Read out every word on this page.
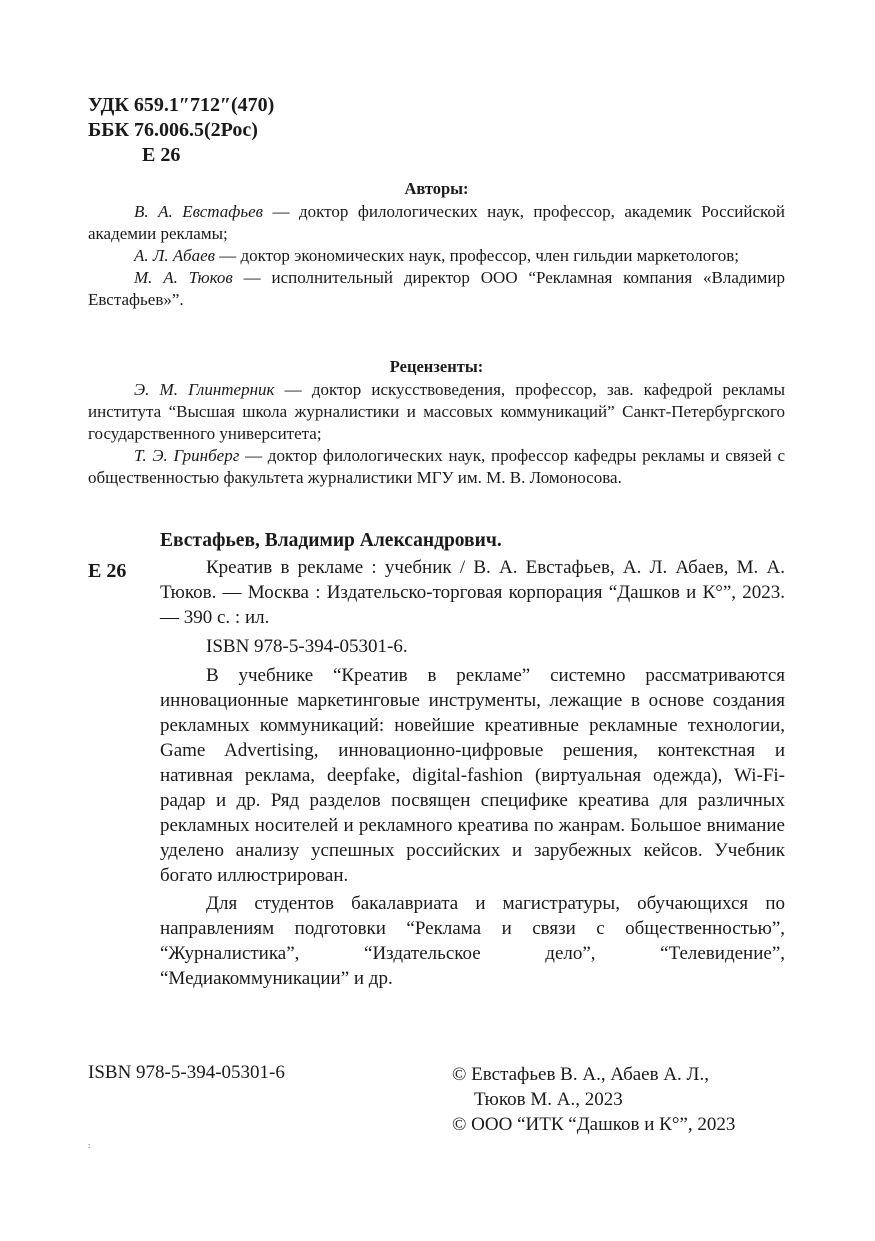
УДК 659.1″712″(470)
ББК 76.006.5(2Рос)
Е 26
Авторы:

В. А. Евстафьев — доктор филологических наук, профессор, академик Российской академии рекламы;

А. Л. Абаев — доктор экономических наук, профессор, член гильдии маркетологов;

М. А. Тюков — исполнительный директор ООО “Рекламная компания «Владимир Евстафьев»”.

Рецензенты:

Э. М. Глинтерник — доктор искусствоведения, профессор, зав. кафедрой рекламы института “Высшая школа журналистики и массовых коммуникаций” Санкт-Петербургского государственного университета;

Т. Э. Гринберг — доктор филологических наук, профессор кафедры рекламы и связей с общественностью факультета журналистики МГУ им. М. В. Ломоносова.

Е 26
Евстафьев, Владимир Александрович.

Креатив в рекламе : учебник / В. А. Евстафьев, А. Л. Абаев, М. А. Тюков. — Москва : Издательско-торговая корпорация “Дашков и К°”, 2023. — 390 с. : ил.

ISBN 978-5-394-05301-6.

В учебнике “Креатив в рекламе” системно рассматриваются инновационные маркетинговые инструменты, лежащие в основе создания рекламных коммуникаций: новейшие креативные рекламные технологии, Game Advertising, инновационно-цифровые решения, контекстная и нативная реклама, deepfake, digital-fashion (виртуальная одежда), Wi-Fi-радар и др. Ряд разделов посвящен специфике креатива для различных рекламных носителей и рекламного креатива по жанрам. Большое внимание уделено анализу успешных российских и зарубежных кейсов. Учебник богато иллюстрирован.

Для студентов бакалавриата и магистратуры, обучающихся по направлениям подготовки “Реклама и связи с общественностью”, “Журналистика”, “Издательское дело”, “Телевидение”, “Медиакоммуникации” и др.

ISBN 978-5-394-05301-6	© Евстафьев В. А., Абаев А. Л.,
Тюков М. А., 2023
© ООО “ИТК “Дашков и К°”, 2023
:
